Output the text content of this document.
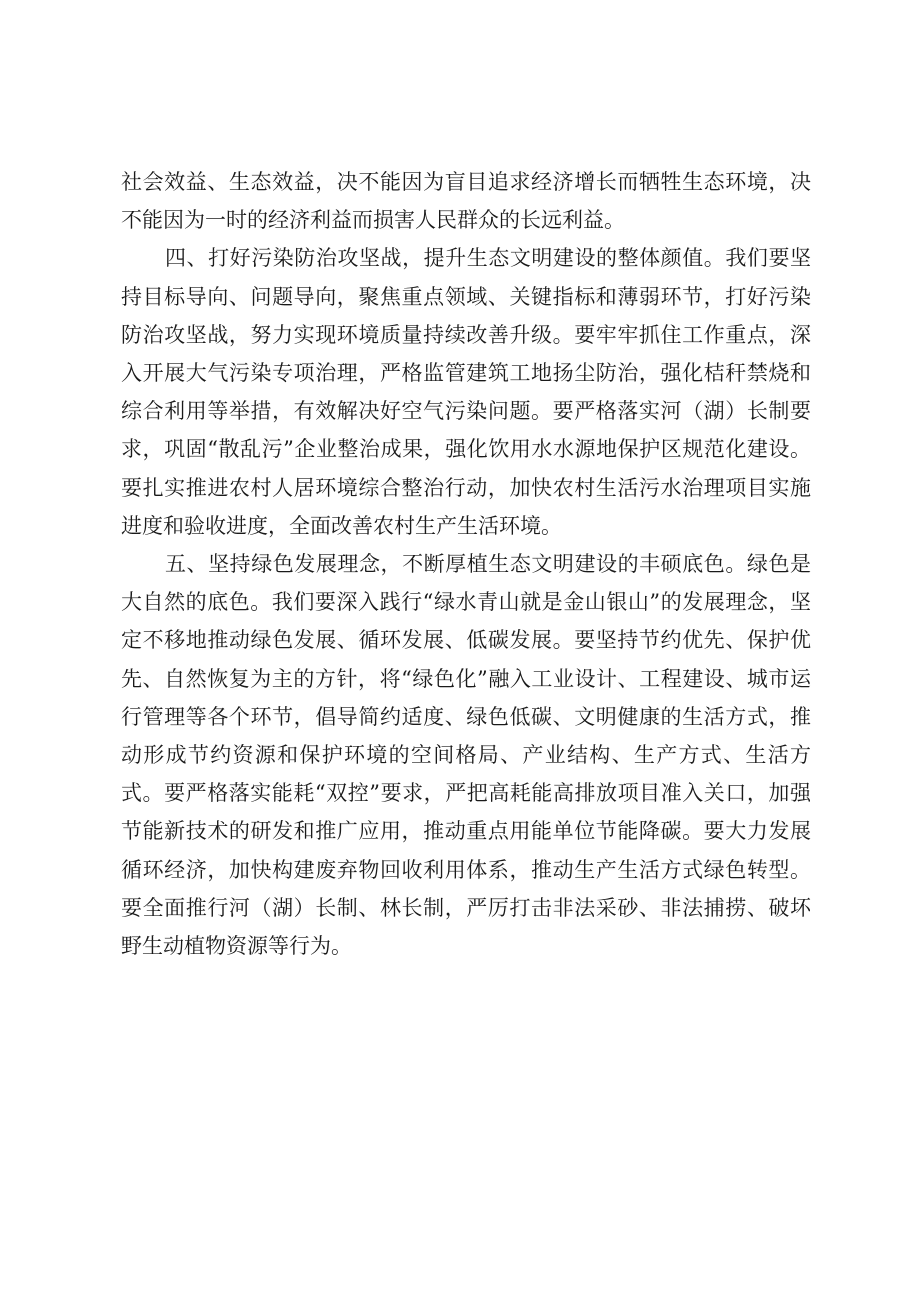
社会效益、生态效益，决不能因为盲目追求经济增长而牺牲生态环境，决不能因为一时的经济利益而损害人民群众的长远利益。

四、打好污染防治攻坚战，提升生态文明建设的整体颜值。我们要坚持目标导向、问题导向，聚焦重点领域、关键指标和薄弱环节，打好污染防治攻坚战，努力实现环境质量持续改善升级。要牢牢抓住工作重点，深入开展大气污染专项治理，严格监管建筑工地扬尘防治，强化桔秆禁烧和综合利用等举措，有效解决好空气污染问题。要严格落实河（湖）长制要求，巩固“散乱污”企业整治成果，强化饮用水水源地保护区规范化建设。要扎实推进农村人居环境综合整治行动，加快农村生活污水治理项目实施进度和验收进度，全面改善农村生产生活环境。

五、坚持绿色发展理念，不断厚植生态文明建设的丰硕底色。绿色是大自然的底色。我们要深入践行“绿水青山就是金山银山”的发展理念，坚定不移地推动绿色发展、循环发展、低碳发展。要坚持节约优先、保护优先、自然恢复为主的方针，将“绿色化”融入工业设计、工程建设、城市运行管理等各个环节，倡导简约适度、绿色低碳、文明健康的生活方式，推动形成节约资源和保护环境的空间格局、产业结构、生产方式、生活方式。要严格落实能耗“双控”要求，严把高耗能高排放项目准入关口，加强节能新技术的研发和推广应用，推动重点用能单位节能降碳。要大力发展循环经济，加快构建废弃物回收利用体系，推动生产生活方式绿色转型。要全面推行河（湖）长制、林长制，严厉打击非法采砂、非法捕捞、破坏野生动植物资源等行为。
